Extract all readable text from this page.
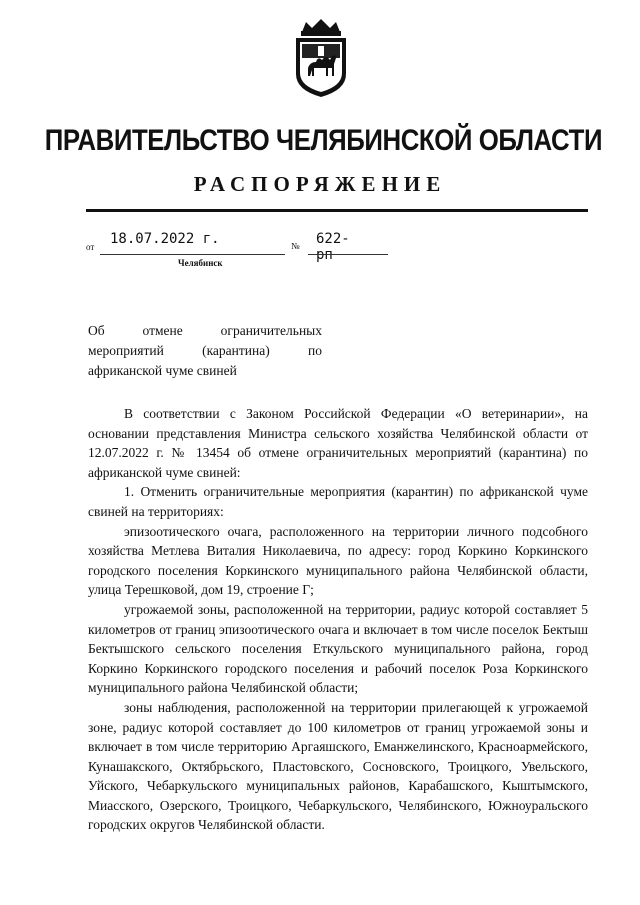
ПРАВИТЕЛЬСТВО ЧЕЛЯБИНСКОЙ ОБЛАСТИ
РАСПОРЯЖЕНИЕ
от 18.07.2022 г.	№ 622-рп
Челябинск
Об отмене ограничительных
мероприятий (карантина) по
африканской чуме свиней

В соответствии с Законом Российской Федерации «О ветеринарии», на основании представления Министра сельского хозяйства Челябинской области от 12.07.2022 г. № 13454 об отмене ограничительных мероприятий (карантина) по африканской чуме свиней:

1. Отменить ограничительные мероприятия (карантин) по африканской чуме свиней на территориях:

эпизоотического очага, расположенного на территории личного подсобного хозяйства Метлева Виталия Николаевича, по адресу: город Коркино Коркинского городского поселения Коркинского муниципального района Челябинской области, улица Терешковой, дом 19, строение Г;

угрожаемой зоны, расположенной на территории, радиус которой составляет 5 километров от границ эпизоотического очага и включает в том числе поселок Бектыш Бектышского сельского поселения Еткульского муниципального района, город Коркино Коркинского городского поселения и рабочий поселок Роза Коркинского муниципального района Челябинской области;

зоны наблюдения, расположенной на территории прилегающей к угрожаемой зоне, радиус которой составляет до 100 километров от границ угрожаемой зоны и включает в том числе территорию Аргаяшского, Еманжелинского, Красноармейского, Кунашакского, Октябрьского, Пластовского, Сосновского, Троицкого, Увельского, Уйского, Чебаркульского муниципальных районов, Карабашского, Кыштымского, Миасского, Озерского, Троицкого, Чебаркульского, Челябинского, Южноуральского городских округов Челябинской области.
